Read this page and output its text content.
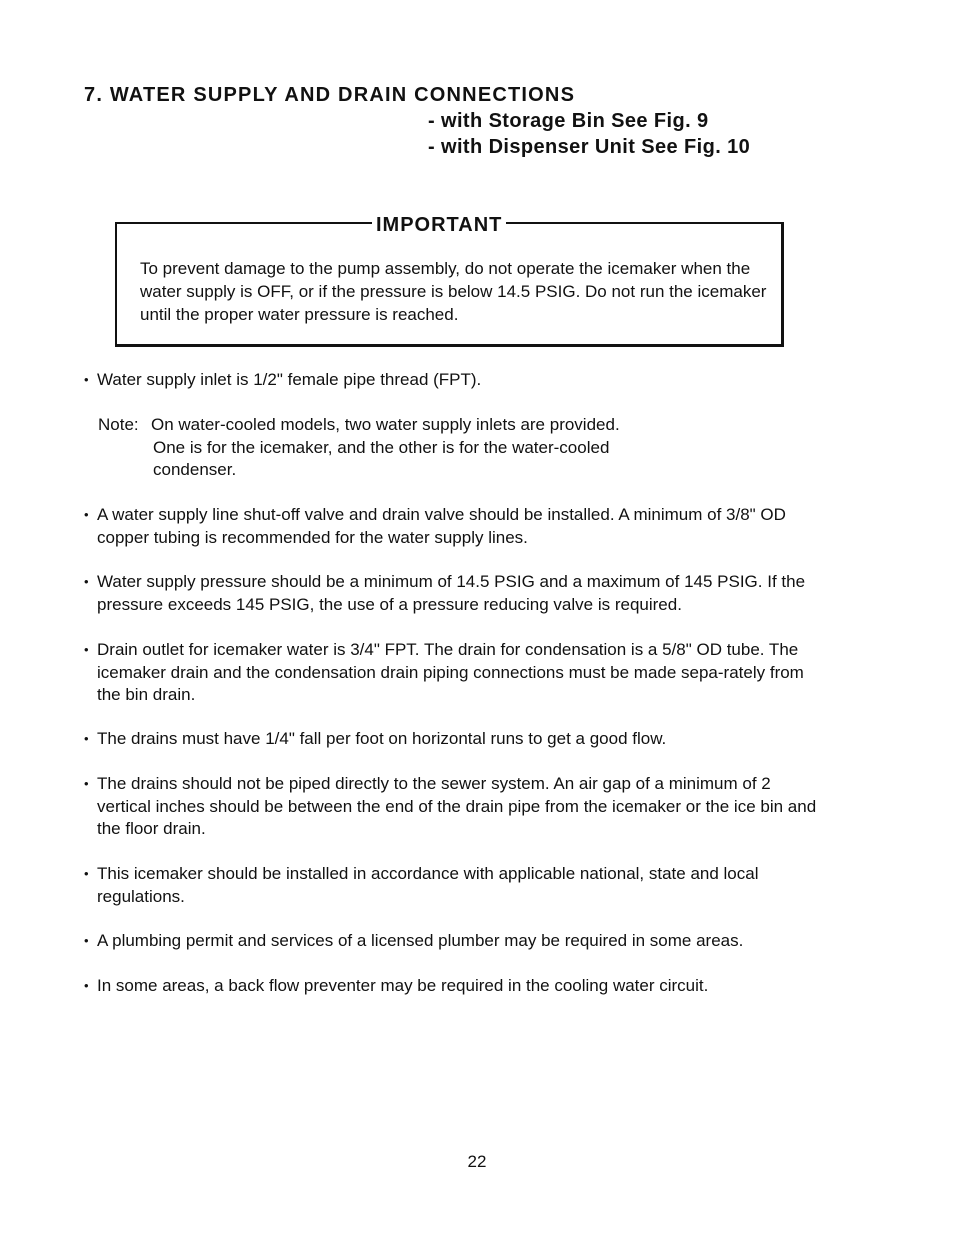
7. WATER SUPPLY AND DRAIN CONNECTIONS

- with Storage Bin See Fig. 9

- with Dispenser Unit See Fig. 10

IMPORTANT

To prevent damage to the pump assembly, do not operate the icemaker when the water supply is OFF, or if the pressure is below 14.5 PSIG. Do not run the icemaker until the proper water pressure is reached.

• Water supply inlet is 1/2" female pipe thread (FPT).
Note: On water-cooled models, two water supply inlets are provided.
One is for the icemaker, and the other is for the water-cooled condenser.
• A water supply line shut-off valve and drain valve should be installed. A minimum of 3/8" OD copper tubing is recommended for the water supply lines.
• Water supply pressure should be a minimum of 14.5 PSIG and a maximum of 145 PSIG. If the pressure exceeds 145 PSIG, the use of a pressure reducing valve is required.
• Drain outlet for icemaker water is 3/4" FPT. The drain for condensation is a 5/8" OD tube. The icemaker drain and the condensation drain piping connections must be made sepa-rately from the bin drain.
• The drains must have 1/4" fall per foot on horizontal runs to get a good flow.
• The drains should not be piped directly to the sewer system. An air gap of a minimum of 2 vertical inches should be between the end of the drain pipe from the icemaker or the ice bin and the floor drain.
• This icemaker should be installed in accordance with applicable national, state and local regulations.
• A plumbing permit and services of a licensed plumber may be required in some areas.
• In some areas, a back flow preventer may be required in the cooling water circuit.
22
